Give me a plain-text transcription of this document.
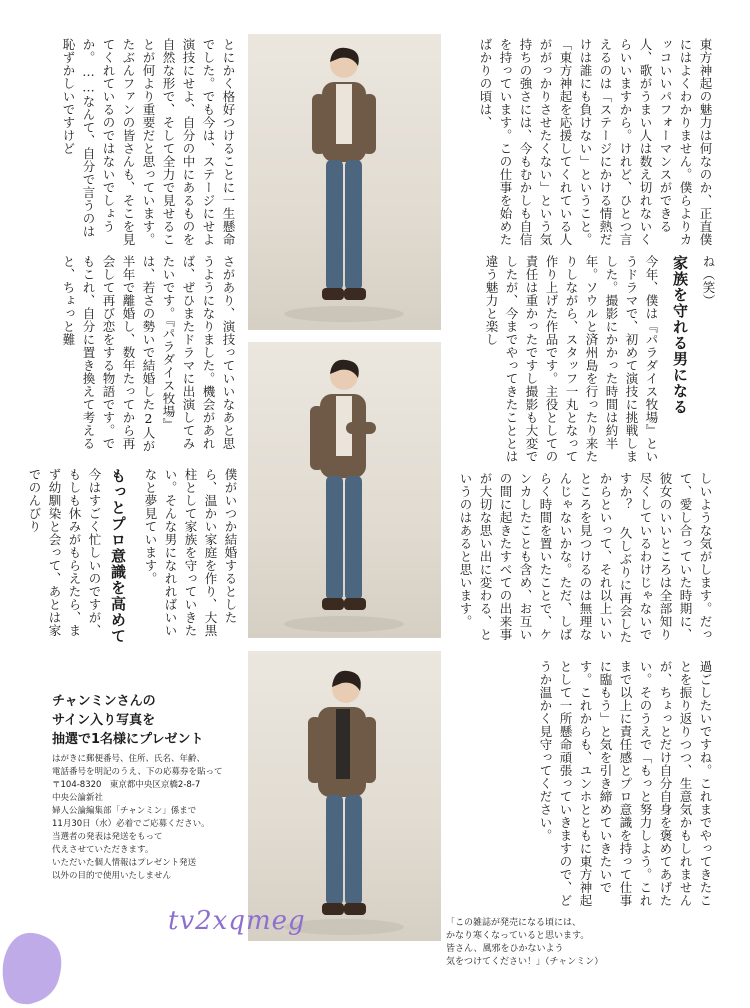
東方神起の魅力は何なのか、正直僕にはよくわかりません。僕らよりカッコいいパフォーマンスができる人、歌がうまい人は数え切れないくらいいますから。けれど、ひとつ言えるのは「ステージにかける情熱だけは誰にも負けない」ということ。「東方神起を応援してくれている人ががっかりさせたくない」という気持ちの強さには、今もむかしも自信を持っています。この仕事を始めたばかりの頃は、
とにかく格好つけることに一生懸命でした。でも今は、ステージにせよ演技にせよ、自分の中にあるものを自然な形で、そして全力で見せることが何より重要だと思っています。たぶんファンの皆さんも、そこを見てくれているのではないでしょうか。……なんて、自分で言うのは恥ずかしいですけど
ね（笑）
家族を守れる男になる
今年、僕は『パラダイス牧場』というドラマで、初めて演技に挑戦しました。撮影にかかった時間は約半年。ソウルと済州島を行ったり来たりしながら、スタッフ一丸となって作り上げた作品です。主役としての責任は重かったですし撮影も大変でしたが、今までやってきたこととは違う魅力と楽し
さがあり、演技っていいなあと思うようになりました。機会があれば、ぜひまたドラマに出演してみたいです。『パラダイス牧場』は、若さの勢いで結婚した2人が半年で離婚し、数年たってから再会して再び恋をする物語です。でもこれ、自分に置き換えて考えると、ちょっと難
しいような気がします。だって、愛し合っていた時期に、彼女のいいところは全部知り尽くしているわけじゃないですか？ 久しぶりに再会したからといって、それ以上いいところを見つけるのは無理なんじゃないかな。ただ、しばらく時間を置いたことで、ケンカしたことも含め、お互いの間に起きたすべての出来事が大切な思い出に変わる、というのはあると思います。
僕がいつか結婚するとしたら、温かい家庭を作り、大黒柱として家族を守っていきたい。そんな男になれればいいなと夢見ています。
もっとプロ意識を高めて
今はすごく忙しいのですが、もしも休みがもらえたら、まず幼馴染と会って、あとは家でのんびり
過ごしたいですね。これまでやってきたことを振り返りつつ、生意気かもしれませんが、ちょっとだけ自分自身を褒めてあげたい。そのうえで「もっと努力しよう。これまで以上に責任感とプロ意識を持って仕事に臨もう」と気を引き締めていきたいです。これからも、ユンホとともに東方神起として一所懸命頑張っていきますので、どうか温かく見守ってください。

チャンミンさんの

サイン入り写真を

抽選で1名様にプレゼント

はがきに郵便番号、住所、氏名、年齢、
電話番号を明記のうえ、下の応募券を貼って
〒104-8320　東京都中央区京橋2-8-7
中央公論新社
婦人公論編集部「チャンミン」係まで
11月30日（水）必着でご応募ください。
当選者の発表は発送をもって
代えさせていただきます。
いただいた個人情報はプレゼント発送
以外の目的で使用いたしません
「この雑誌が発売になる頃には、
かなり寒くなっていると思います。
皆さん、風邪をひかないよう
気をつけてください！」（チャンミン）
tv2xqmeg
